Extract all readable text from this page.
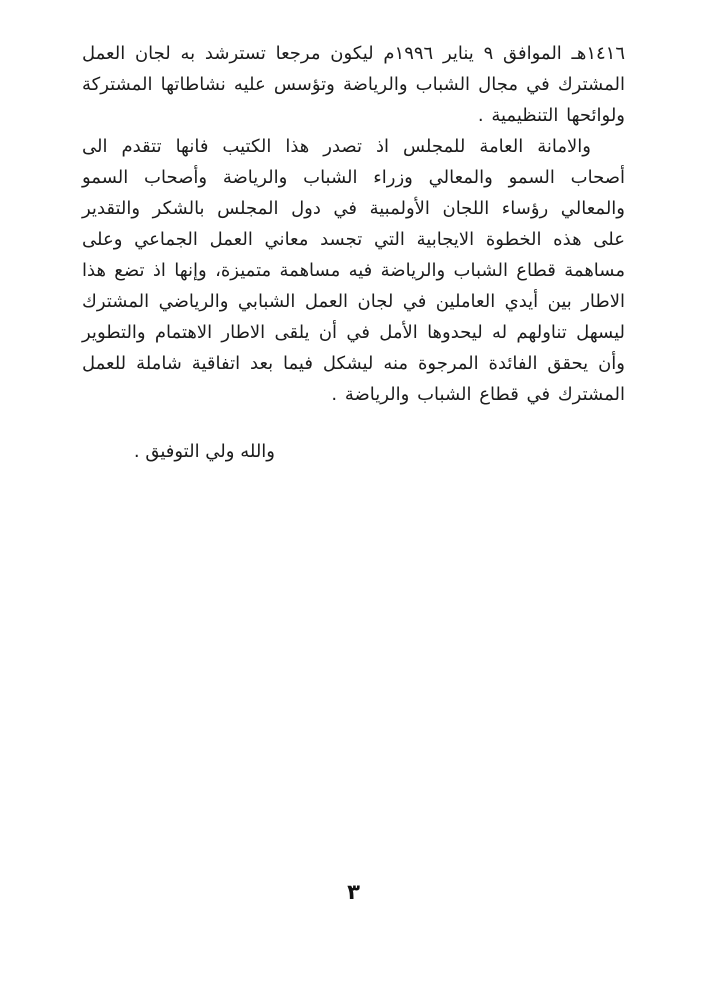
١٤١٦هـ الموافق ٩ يناير ١٩٩٦م ليكون مرجعا تسترشد به لجان العمل المشترك في مجال الشباب والرياضة وتؤسس عليه نشاطاتها المشتركة ولوائحها التنظيمية .

والامانة العامة للمجلس اذ تصدر هذا الكتيب فانها تتقدم الى أصحاب السمو والمعالي وزراء الشباب والرياضة وأصحاب السمو والمعالي رؤساء اللجان الأولمبية في دول المجلس بالشكر والتقدير على هذه الخطوة الايجابية التي تجسد معاني العمل الجماعي وعلى مساهمة قطاع الشباب والرياضة فيه مساهمة متميزة، وإنها اذ تضع هذا الاطار بين أيدي العاملين في لجان العمل الشبابي والرياضي المشترك ليسهل تناولهم له ليحدوها الأمل في أن يلقى الاطار الاهتمام والتطوير وأن يحقق الفائدة المرجوة منه ليشكل فيما بعد اتفاقية شاملة للعمل المشترك في قطاع الشباب والرياضة .

والله ولي التوفيق .

٣
